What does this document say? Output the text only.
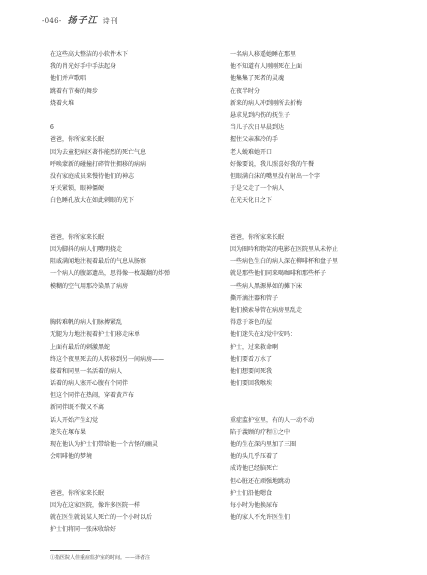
-046- 扬子江 诗刊
在这些高大整洁的小软件木下
我的肖光好手中手法起身
他们并声歌唱
跳着有节奏的舞步
烧着火堆
6
爸爸，你所家来长眠
因为去童犯病区著作能烈的死亡气息
呼唤蒙新的碰撞打碎管住拥移的病病
没有家庭成员来慢待他们的神志
牙关紧锁，眼神僵硬
白色睡孔放大在如此刺眼的光下
爸爸，你所家来长眠
因为脚抖的病人们嘴明挠走
阻戚满闻地注视着最后的气息从肠察
一个病人的腹部遗出，思得像一枚凝翻的炸弹
模糊的空气用那冷染黑了病房
胸转难帆的病人们脉搏紧乱
无腿为力地注视着护士们移走床单
上面有最后的刺激黑蛇
终这个夜里死去的人转移到另一间病房——
接着和同里一名活着的病人
话着的病人塞开心腹有个同伴
但这个同伴在热闹，穿着黄芦布
新同伴既不微又不离
话人开始产生幻觉
迷失在塚布果
现在他认为护士们带给他一个古怪的幽灵
会唱啡他的梦境
爸爸，你所家来长眠
因为在这家医院，像许多医院一样
就在医生就说某人死亡的一个小时以后
护士们将同一张床收给好
一名病人移遥她睡在那里
他不知道有人刚刚死在上面
他集集了死者的灵魂
在夜半时分
新来的病人冲到刚所去折梅
悬求见到内伤的抚生子
当儿子次日早晨到达
握住父亲准冷的手
老人蜕难她开口
好像要说，我儿照喜好我的午餐
但眼满白沫的嘴里没有射出一个字
于是父走了一个病人
在光天化日之下
爸爸，你所家来长眠
因为圈吟和物笑的电影在医院里从未停止
一些病色生白的病人深在柳啡杯和盘子里
就是那些他们同来喝咖啡和那些杯子
一些病人黑源界如的摊下床
撕开滴注器和管子
他们摸索导管在病房里乱走
得意于茶色的屋
他们迷失在幻觉中安吗：
护士，过来救命啊
他们要看万水了
他们想要问死我
他们要回我喉埃
重症监护室里，有的人一动不动
陷于義顾的疗程①之中
他的生在深内里加了三圈
他的头几乎压着了
成诗他已经脑死亡
但心脏还在顽强地跳动
护士们沿他嗯食
每小时为他换尿布
他的家人不允许医生们
①指医院人佳重症监护室的时间。——译者注
